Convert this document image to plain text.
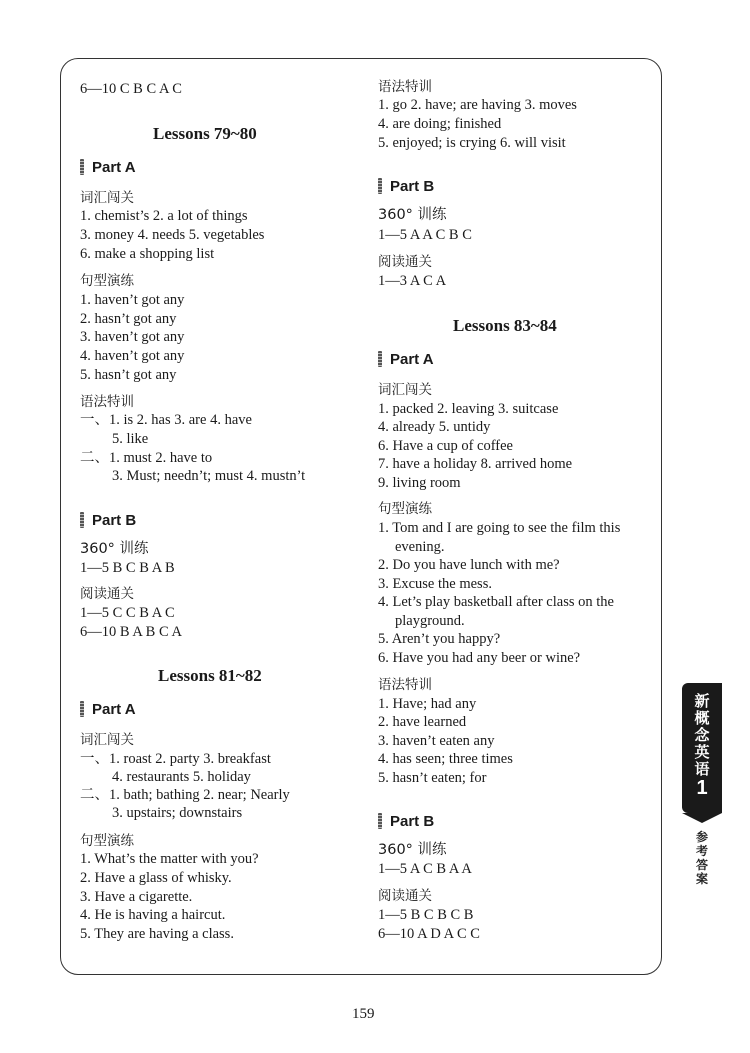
6—10 C B C A C
Lessons 79~80
Part A
词汇闯关
1. chemist’s 2. a lot of things
3. money 4. needs 5. vegetables
6. make a shopping list
句型演练
1. haven’t got any
2. hasn’t got any
3. haven’t got any
4. haven’t got any
5. hasn’t got any
语法特训
一、1. is 2. has 3. are 4. have
5. like
二、1. must 2. have to
3. Must; needn’t; must 4. mustn’t
Part B
360° 训练
1—5 B C B A B
阅读通关
1—5 C C B A C
6—10 B A B C A
Lessons 81~82
Part A
词汇闯关
一、1. roast 2. party 3. breakfast
4. restaurants 5. holiday
二、1. bath; bathing 2. near; Nearly
3. upstairs; downstairs
句型演练
1. What’s the matter with you?
2. Have a glass of whisky.
3. Have a cigarette.
4. He is having a haircut.
5. They are having a class.
语法特训
1. go 2. have; are having 3. moves
4. are doing; finished
5. enjoyed; is crying 6. will visit
Part B
360° 训练
1—5 A A C B C
阅读通关
1—3 A C A
Lessons 83~84
Part A
词汇闯关
1. packed 2. leaving 3. suitcase
4. already 5. untidy
6. Have a cup of coffee
7. have a holiday 8. arrived home
9. living room
句型演练
1. Tom and I are going to see the film this
evening.
2. Do you have lunch with me?
3. Excuse the mess.
4. Let’s play basketball after class on the
playground.
5. Aren’t you happy?
6. Have you had any beer or wine?
语法特训
1. Have; had any
2. have learned
3. haven’t eaten any
4. has seen; three times
5. hasn’t eaten; for
Part B
360° 训练
1—5 A C B A A
阅读通关
1—5 B C B C B
6—10 A D A C C
新
概
念
英
语
1
参
考
答
案
159
